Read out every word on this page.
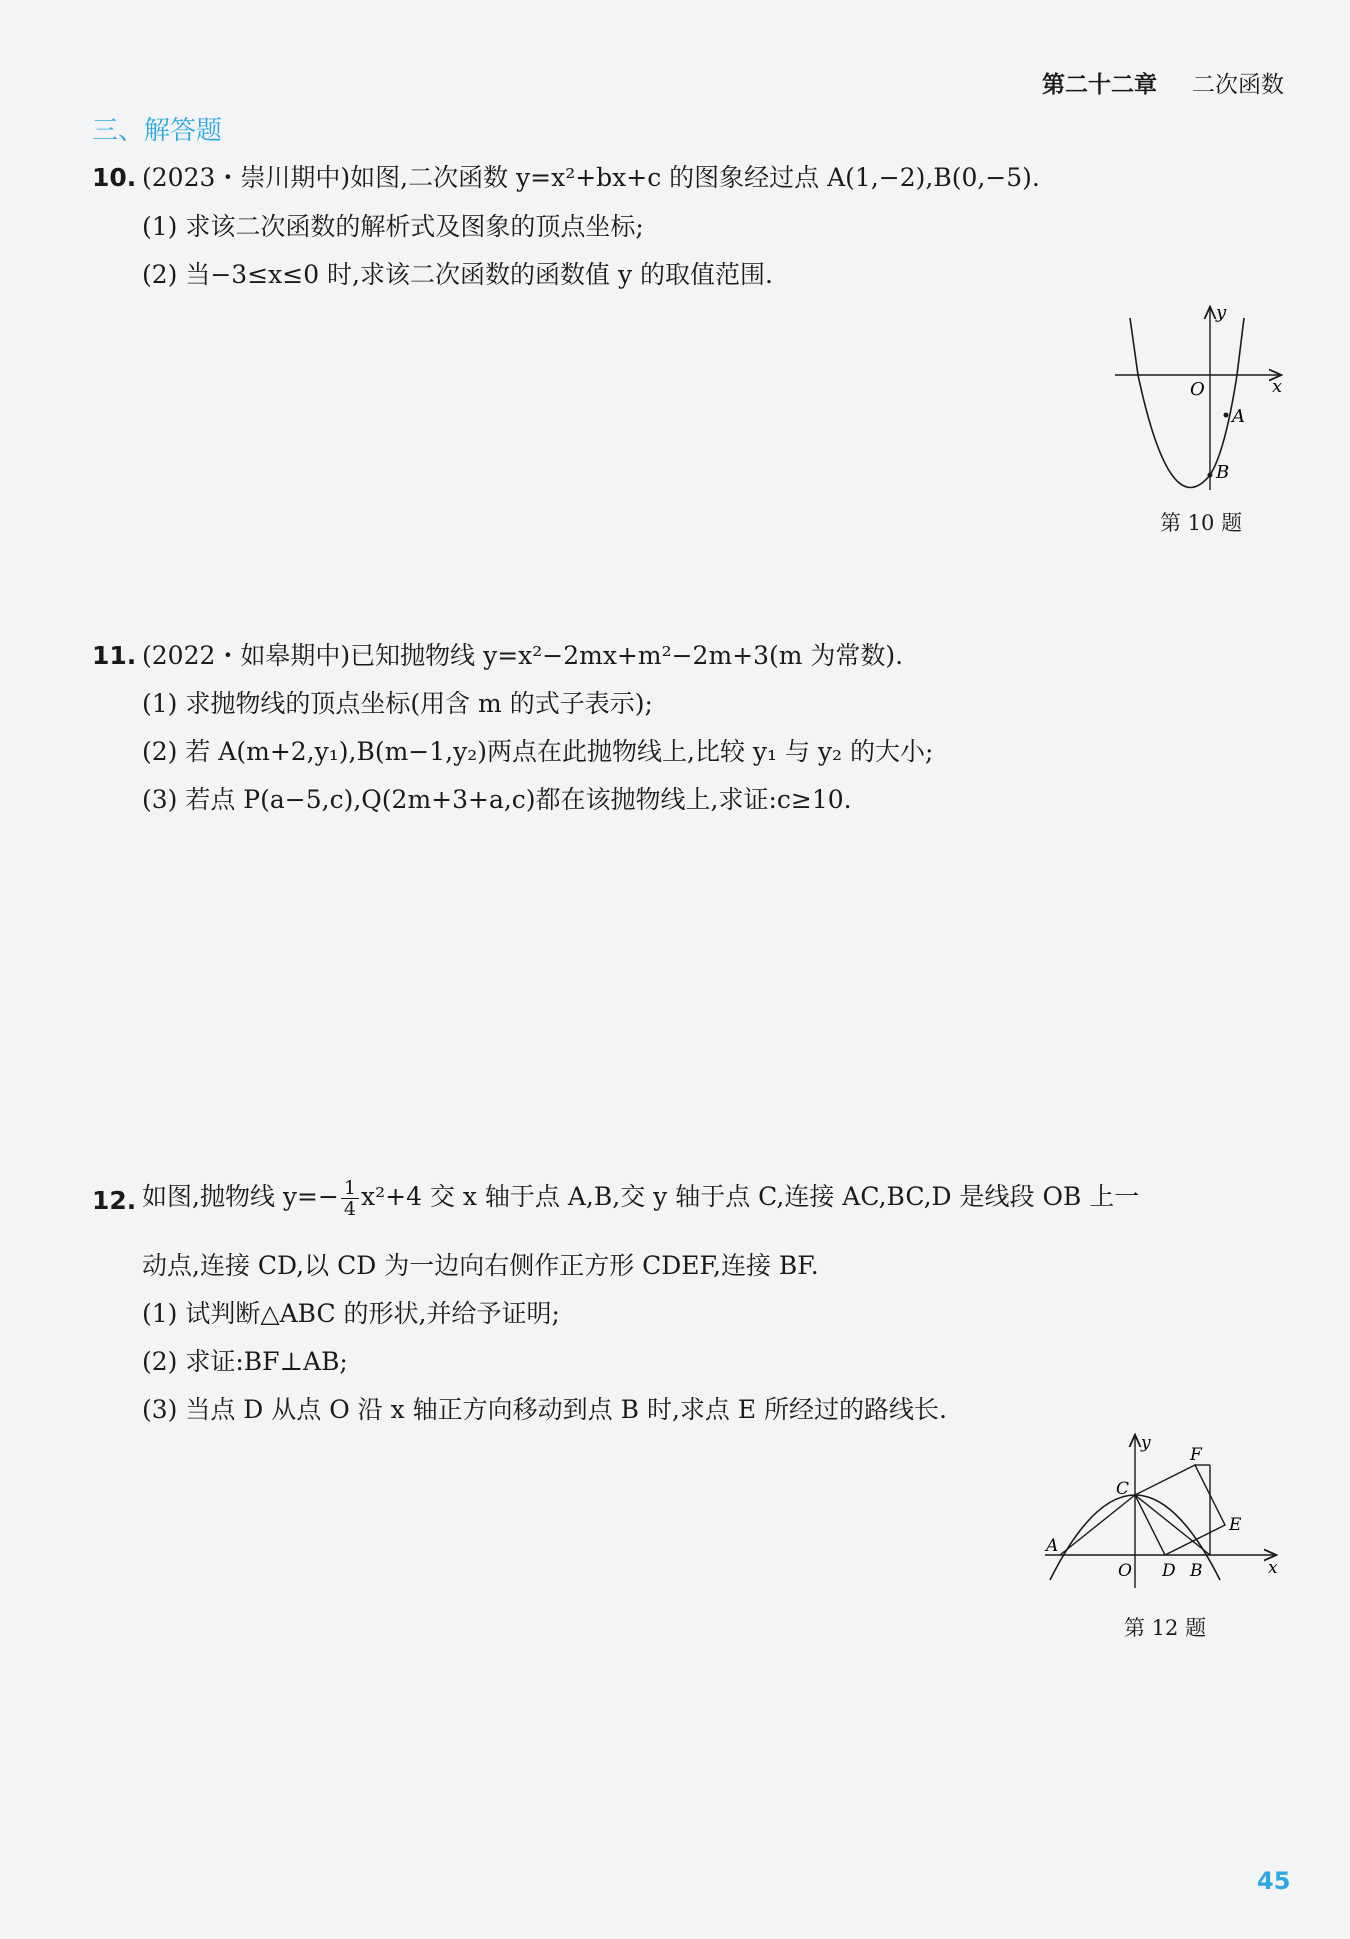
第二十二章 二次函数
三、解答题
10. (2023・崇川期中)如图,二次函数 y=x²+bx+c 的图象经过点 A(1,−2),B(0,−5).
(1) 求该二次函数的解析式及图象的顶点坐标;
(2) 当−3≤x≤0 时,求该二次函数的函数值 y 的取值范围.
y
x
O
A
B
第 10 题
11. (2022・如皋期中)已知抛物线 y=x²−2mx+m²−2m+3(m 为常数).
(1) 求抛物线的顶点坐标(用含 m 的式子表示);
(2) 若 A(m+2,y₁),B(m−1,y₂)两点在此抛物线上,比较 y₁ 与 y₂ 的大小;
(3) 若点 P(a−5,c),Q(2m+3+a,c)都在该抛物线上,求证:c≥10.
12. 如图,抛物线 $y=- \frac{1}{4} x^2+4$ 交 x 轴于点 A,B,交 y 轴于点 C,连接 AC,BC,D 是线段 OB 上一
动点,连接 CD,以 CD 为一边向右侧作正方形 CDEF,连接 BF.
(1) 试判断△ABC 的形状,并给予证明;
(2) 求证:BF⊥AB;
(3) 当点 D 从点 O 沿 x 轴正方向移动到点 B 时,求点 E 所经过的路线长.
y
x
O
A
B
C
D
E
F
第 12 题
45
